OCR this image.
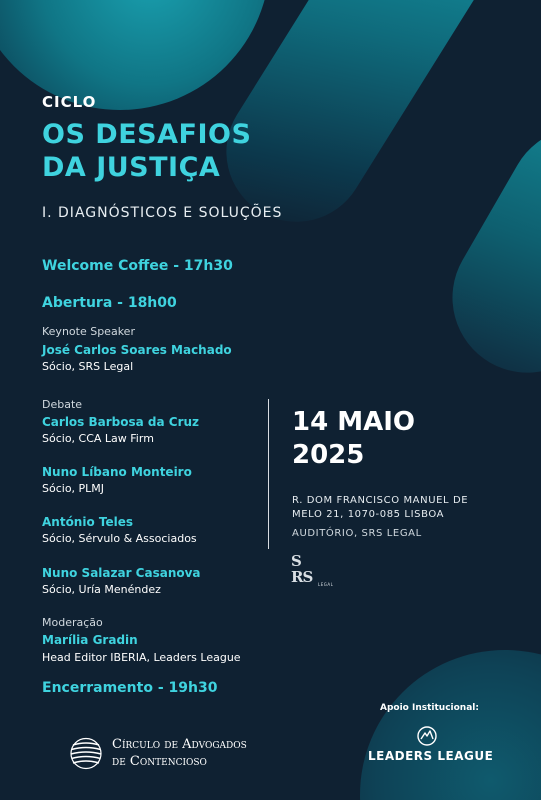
CICLO
OS DESAFIOS
DA JUSTIÇA
I. DIAGNÓSTICOS E SOLUÇÕES
Welcome Coffee - 17h30
Abertura - 18h00
Keynote Speaker
José Carlos Soares Machado
Sócio, SRS Legal
Debate
Carlos Barbosa da Cruz
Sócio, CCA Law Firm
Nuno Líbano Monteiro
Sócio, PLMJ
António Teles
Sócio, Sérvulo & Associados
Nuno Salazar Casanova
Sócio, Uría Menéndez
Moderação
Marília Gradin
Head Editor IBERIA, Leaders League
Encerramento - 19h30
14 MAIO
2025
R. DOM FRANCISCO MANUEL DE
MELO 21, 1070-085 LISBOA
AUDITÓRIO, SRS LEGAL
S
RS LEGAL
Apoio Institucional:
LEADERS LEAGUE
Círculo de Advogados
de Contencioso
